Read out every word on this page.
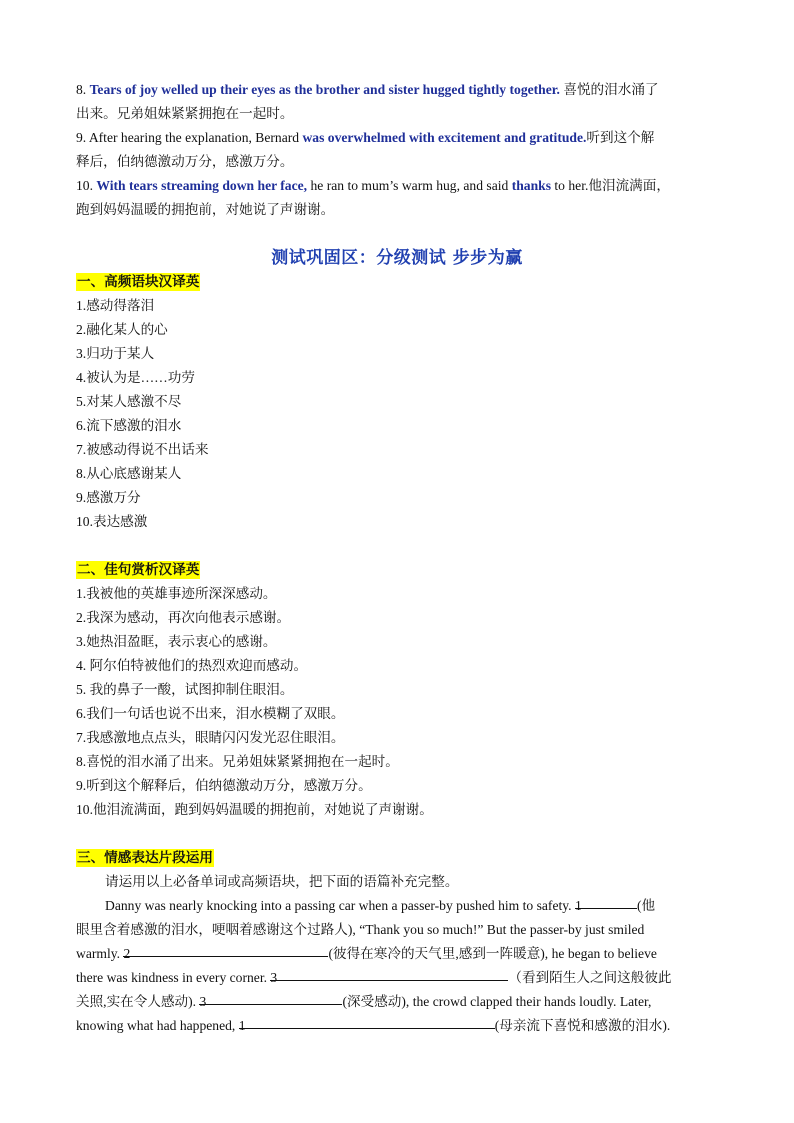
8. Tears of joy welled up their eyes as the brother and sister hugged tightly together. 喜悦的泪水涌了
出来。兄弟姐妹紧紧拥抱在一起时。
9. After hearing the explanation, Bernard was overwhelmed with excitement and gratitude.听到这个解
释后，伯纳德激动万分，感激万分。
10. With tears streaming down her face, he ran to mum’s warm hug, and said thanks to her.他泪流满面，
跑到妈妈温暖的拥抱前，对她说了声谢谢。
测试巩固区：分级测试 步步为赢
一、高频语块汉译英
1.感动得落泪
2.融化某人的心
3.归功于某人
4.被认为是……功劳
5.对某人感激不尽
6.流下感激的泪水
7.被感动得说不出话来
8.从心底感谢某人
9.感激万分
10.表达感激
二、佳句赏析汉译英
1.我被他的英雄事迹所深深感动。
2.我深为感动，再次向他表示感谢。
3.她热泪盈眶，表示衷心的感谢。
4. 阿尔伯特被他们的热烈欢迎而感动。
5. 我的鼻子一酸，试图抑制住眼泪。
6.我们一句话也说不出来，泪水模糊了双眼。
7.我感激地点点头，眼睛闪闪发光忍住眼泪。
8.喜悦的泪水涌了出来。兄弟姐妹紧紧拥抱在一起时。
9.听到这个解释后，伯纳德激动万分，感激万分。
10.他泪流满面，跑到妈妈温暖的拥抱前，对她说了声谢谢。
三、情感表达片段运用
请运用以上必备单词或高频语块，把下面的语篇补充完整。
Danny was nearly knocking into a passing car when a passer-by pushed him to safety. 1	(他
眼里含着感激的泪水，哽咽着感谢这个过路人), “Thank you so much!” But the passer-by just smiled
warmly. 2	(彼得在寒冷的天气里,感到一阵暖意), he began to believe
there was kindness in every corner. 3	（看到陌生人之间这般彼此
关照,实在令人感动). 3	(深受感动), the crowd clapped their hands loudly. Later,
knowing what had happened, 1	(母亲流下喜悦和感激的泪水).
